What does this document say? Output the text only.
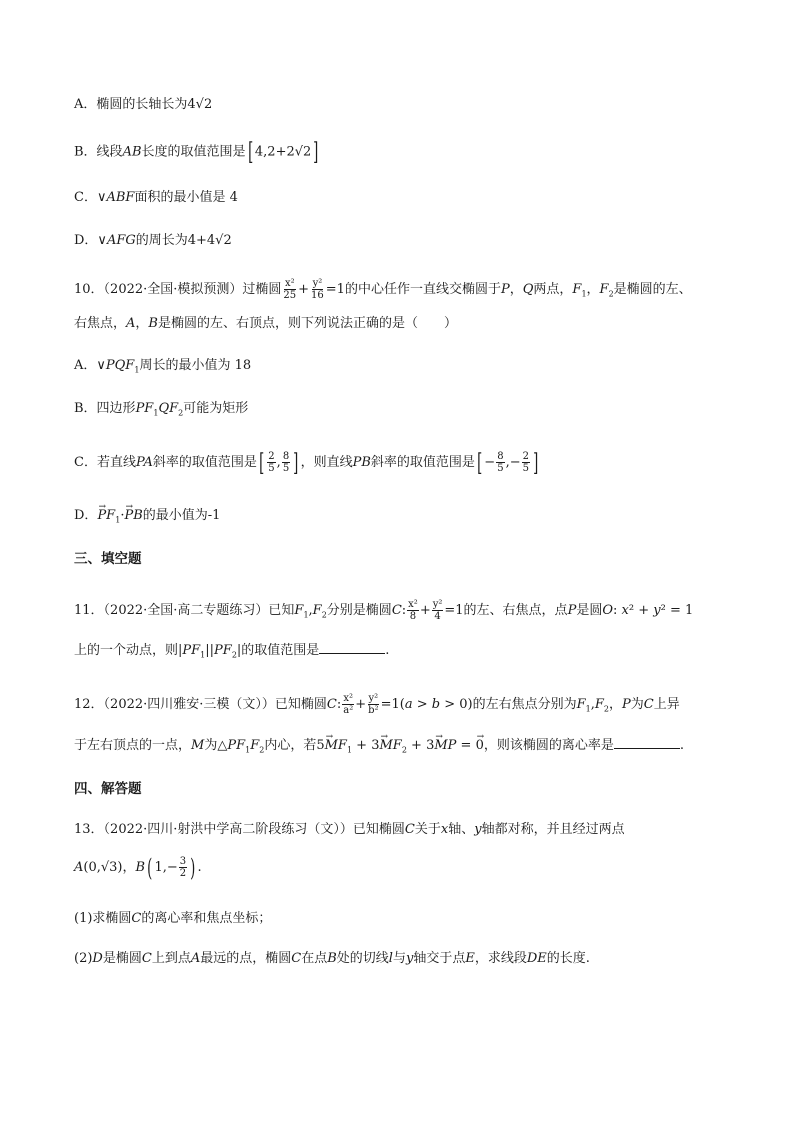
A．椭圆的长轴长为4√2
B．线段AB长度的取值范围是[ 4,2+2√2]
C．∨ABF面积的最小值是 4
D．∨AFG的周长为4+4√2
10．（2022·全国·模拟预测）过椭圆 $\frac{\text{x²}}{25} + \frac{\text{y²}}{16} =1$的中心任作一直线交椭圆于P，Q两点，$F_1$，$F_2$是椭圆的左、
右焦点，A，B是椭圆的左、右顶点，则下列说法正确的是（　　）
A．$\vee PQF_1$周长的最小值为 18
B．四边形$PF_1QF_2$可能为矩形
C．若直线PA斜率的取值范围是[ $\frac{2}{5}$ , $\frac{8}{5}$ ] ，则直线PB斜率的取值范围是[ − $\frac{8}{5}$ ,− $\frac{2}{5}$ ]
D．→ $PF_1\cdot\to$ PB的最小值为-1
三、填空题
11．（2022·全国·高二专题练习）已知$F_1,F_2$分别是椭圆C: $\frac{\text{x²}}{8} + \frac{\text{y²}}{4} =1$的左、右焦点，点P是圆O: x² + y² = 1
上的一个动点，则$|PF_1||PF_2|$的取值范围是	.
12．（2022·四川雅安·三模（文））已知椭圆C: $\frac{\text{x²}}{\text{a²}} + \frac{\text{y²}}{\text{b²}} =1(a > b > 0)$的左右焦点分别为$F_1,F_2$，P为C上异
于左右顶点的一点，M为$\triangle PF_1F_2$内心，若$5\to MF_1 + 3\to MF_2 + 3\to$ MP = → 0，则该椭圆的离心率是	.
四、解答题
13．（2022·四川·射洪中学高二阶段练习（文））已知椭圆C关于x轴、y轴都对称，并且经过两点
A(0,√3)，B( $1,- \frac{3}{2}$ ) .
(1)求椭圆C的离心率和焦点坐标；
(2)D是椭圆C上到点A最远的点，椭圆C在点B处的切线l与y轴交于点E，求线段DE的长度.
